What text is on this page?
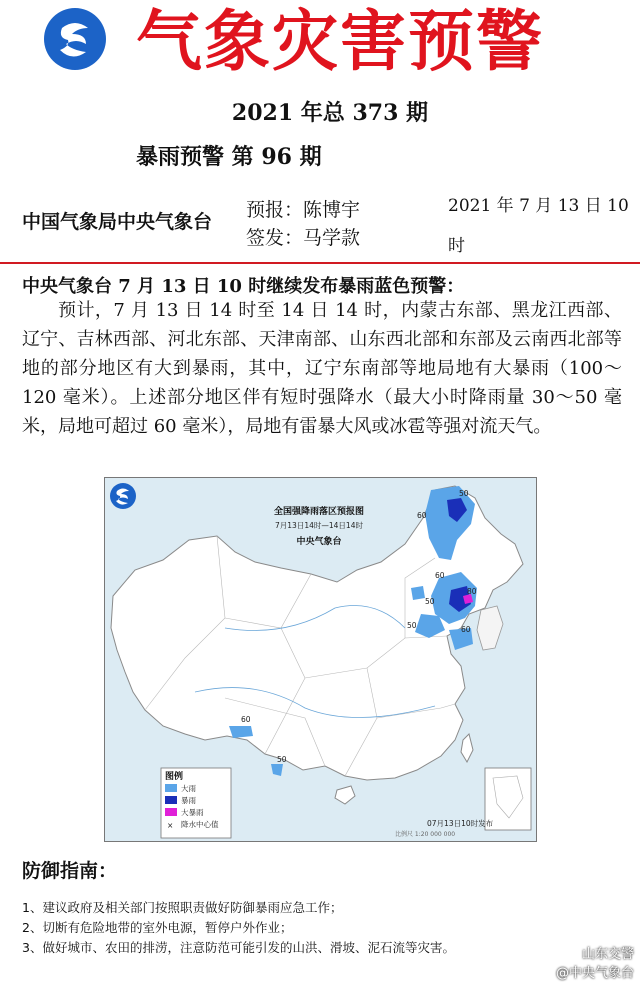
气象灾害预警
2021 年总 373 期
暴雨预警 第 96 期
中国气象局中央气象台
预报：陈博宇
签发：马学款
2021 年 7 月 13 日 10 时
中央气象台 7 月 13 日 10 时继续发布暴雨蓝色预警：
预计，7 月 13 日 14 时至 14 日 14 时，内蒙古东部、黑龙江西部、辽宁、吉林西部、河北东部、天津南部、山东西北部和东部及云南西北部等地的部分地区有大到暴雨，其中，辽宁东南部等地局地有大暴雨（100～120 毫米）。上述部分地区伴有短时强降水（最大小时降雨量 30～50 毫米，局地可超过 60 毫米），局地有雷暴大风或冰雹等强对流天气。
60
50
60
50
80
60
50
60
50
全国强降雨落区预报图
7月13日14时—14日14时
中央气象台
图例
大雨
暴雨
大暴雨
× 降水中心值	07月13日10时发布
比例尺 1:20 000 000
防御指南：
1、建议政府及相关部门按照职责做好防御暴雨应急工作；
2、切断有危险地带的室外电源，暂停户外作业；
3、做好城市、农田的排涝，注意防范可能引发的山洪、滑坡、泥石流等灾害。	山东交警
@中央气象台
